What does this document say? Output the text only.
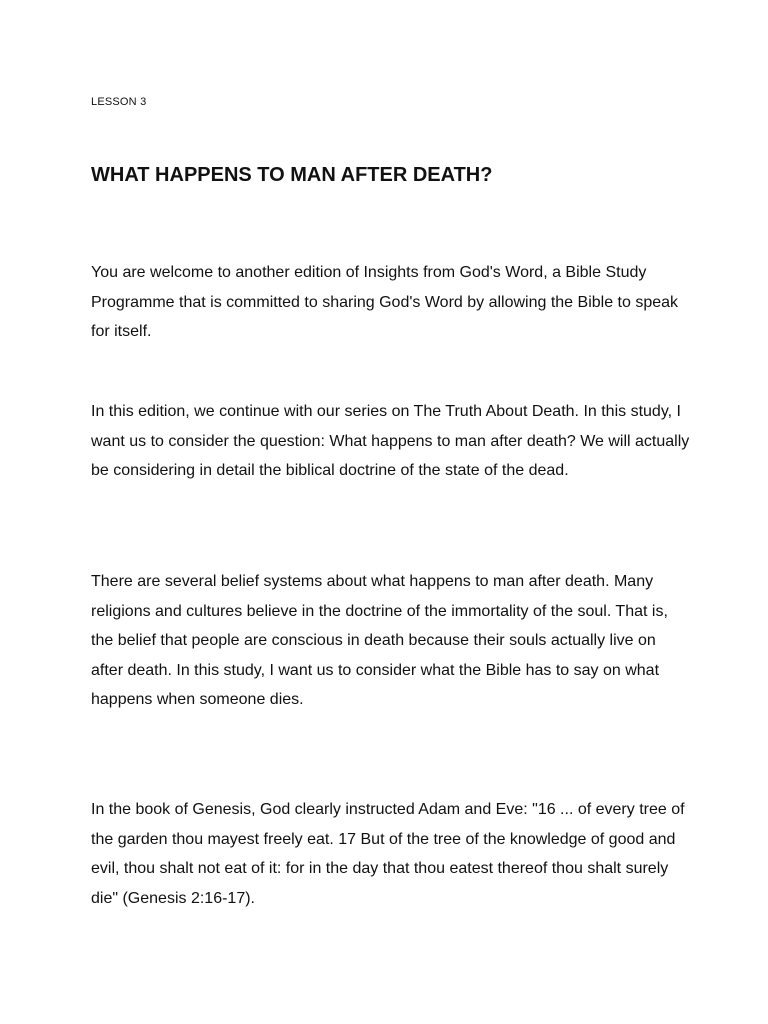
LESSON 3
WHAT HAPPENS TO MAN AFTER DEATH?

You are welcome to another edition of Insights from God's Word, a Bible Study Programme that is committed to sharing God's Word by allowing the Bible to speak for itself.

In this edition, we continue with our series on The Truth About Death. In this study, I want us to consider the question: What happens to man after death? We will actually be considering in detail the biblical doctrine of the state of the dead.

There are several belief systems about what happens to man after death. Many religions and cultures believe in the doctrine of the immortality of the soul. That is, the belief that people are conscious in death because their souls actually live on after death. In this study, I want us to consider what the Bible has to say on what happens when someone dies.

In the book of Genesis, God clearly instructed Adam and Eve: "16 ... of every tree of the garden thou mayest freely eat. 17 But of the tree of the knowledge of good and evil, thou shalt not eat of it: for in the day that thou eatest thereof thou shalt surely die" (Genesis 2:16-17).
